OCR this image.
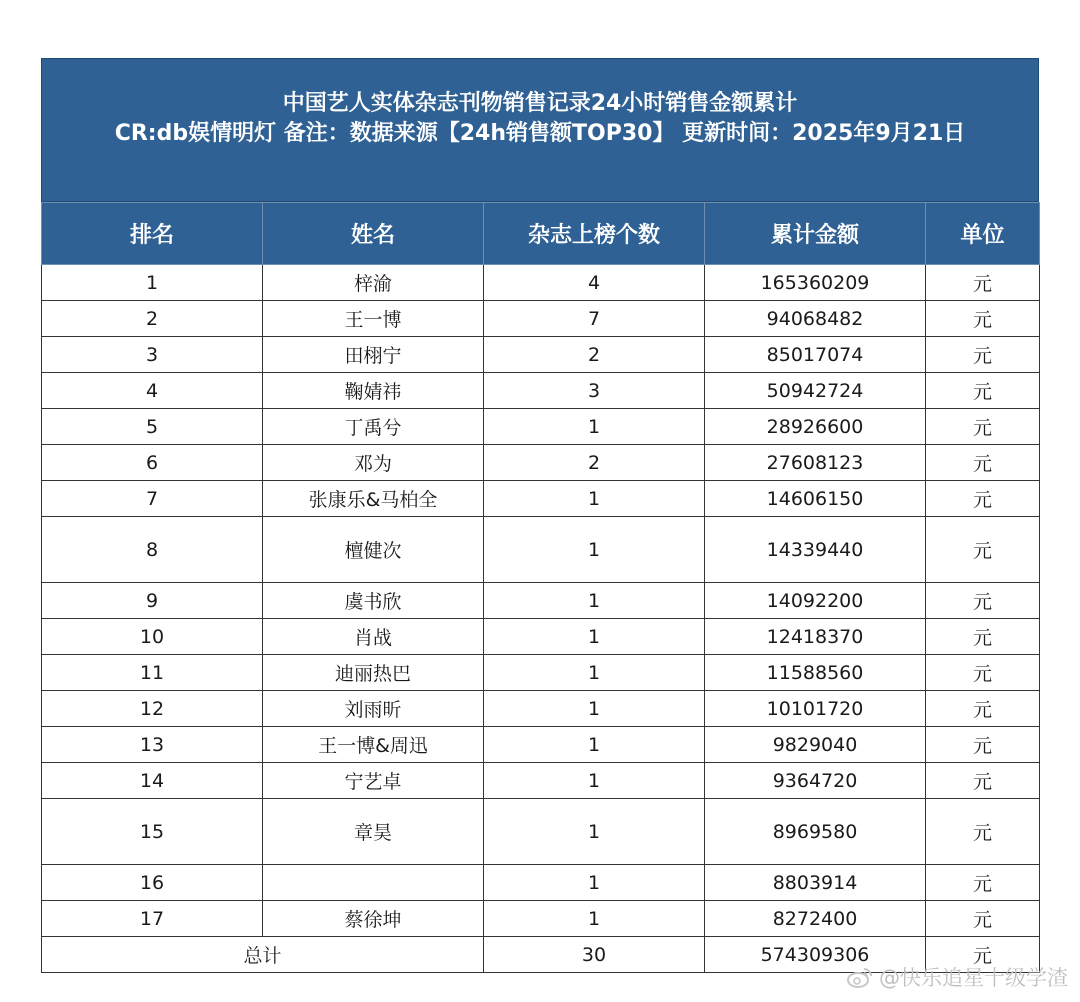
中国艺人实体杂志刊物销售记录24小时销售金额累计
CR:db娱情明灯 备注：数据来源【24h销售额TOP30】 更新时间：2025年9月21日
排名	姓名	杂志上榜个数	累计金额	单位
1	梓渝	4	165360209	元
2	王一博	7	94068482	元
3	田栩宁	2	85017074	元
4	鞠婧祎	3	50942724	元
5	丁禹兮	1	28926600	元
6	邓为	2	27608123	元
7	张康乐&马柏全	1	14606150	元
8	檀健次	1	14339440	元
9	虞书欣	1	14092200	元
10	肖战	1	12418370	元
11	迪丽热巴	1	11588560	元
12	刘雨昕	1	10101720	元
13	王一博&周迅	1	9829040	元
14	宁艺卓	1	9364720	元
15	章昊	1	8969580	元
16		1	8803914	元
17	蔡徐坤	1	8272400	元
总计		30	574309306	元
@快乐追星十级学渣
